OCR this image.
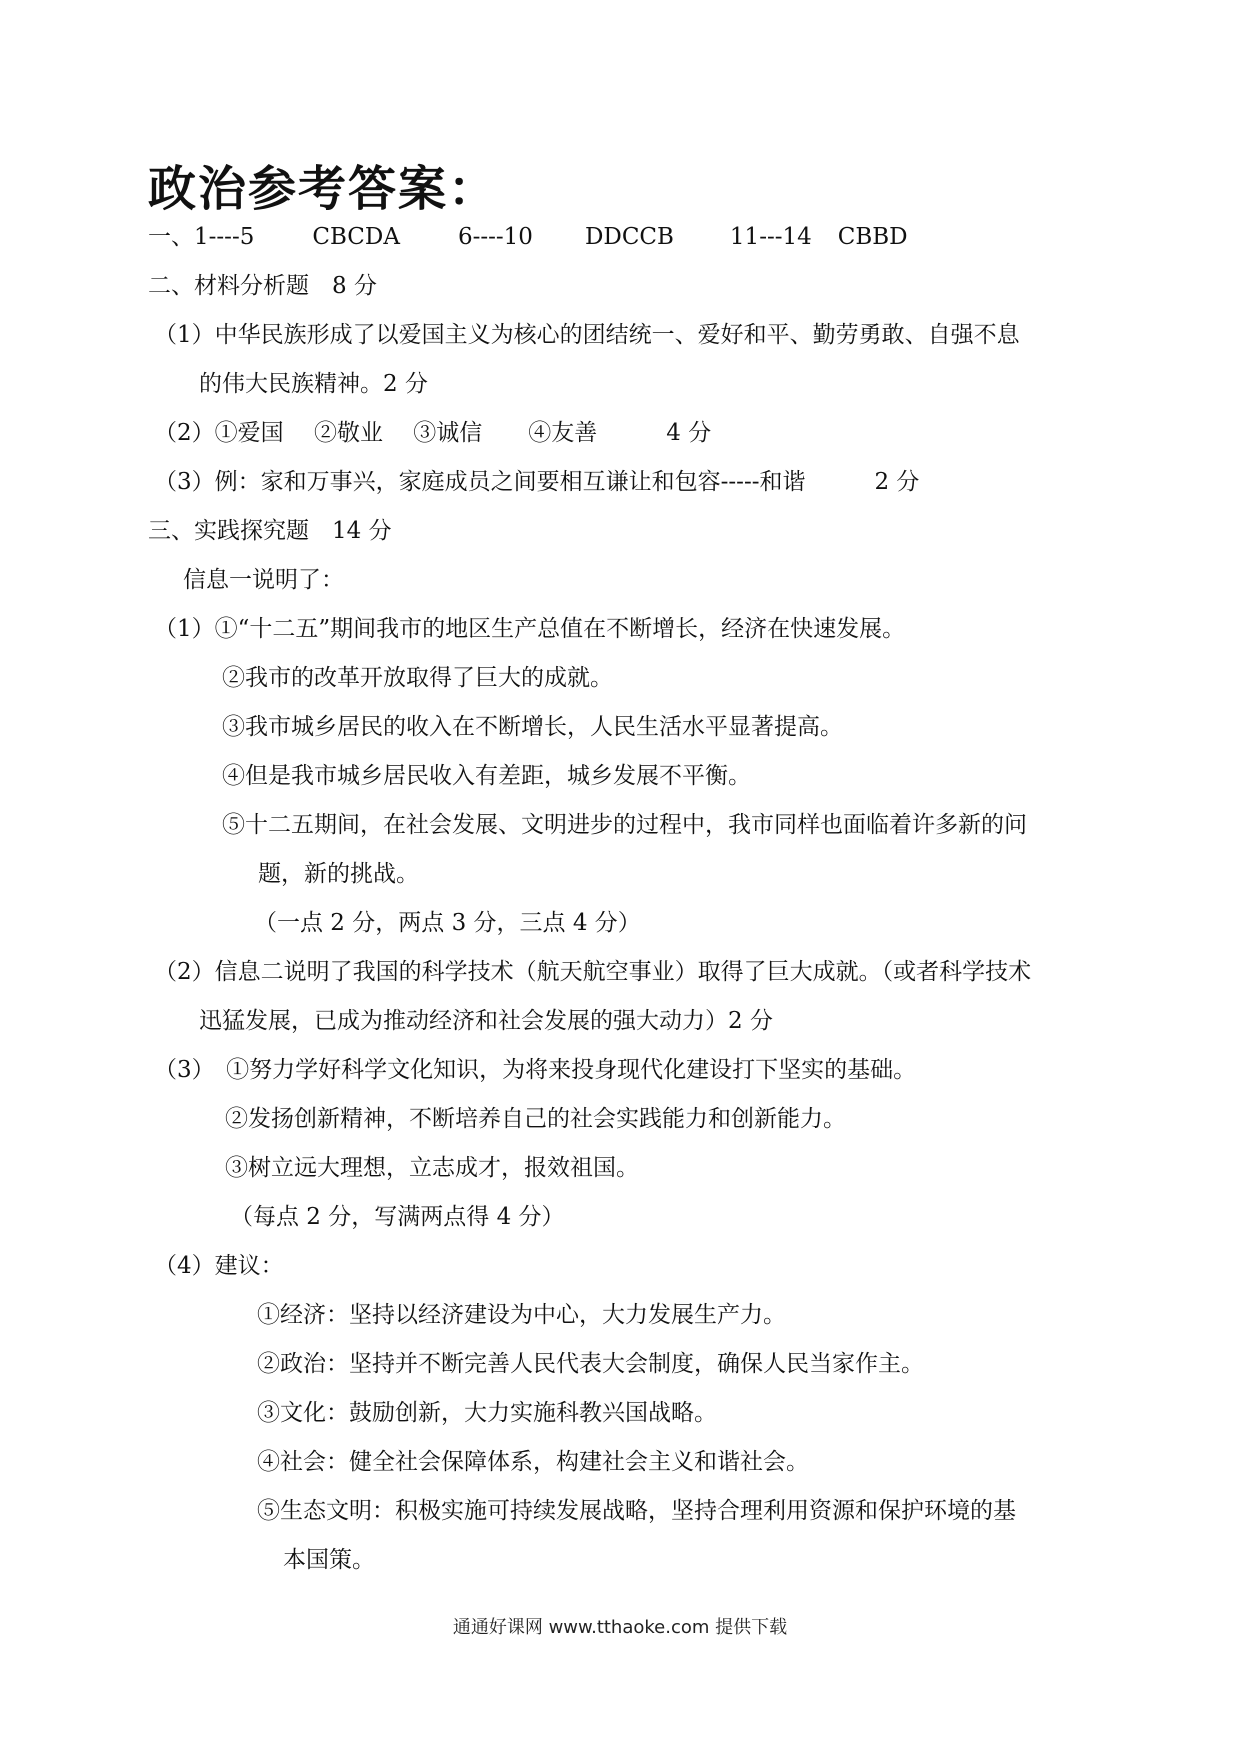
政治参考答案：
一、1----5	CBCDA	6----10 DDCCB 11---14 CBBD
二、材料分析题　8 分
（1）中华民族形成了以爱国主义为核心的团结统一、爱好和平、勤劳勇敢、自强不息
的伟大民族精神。2 分
（2）①爱国　 ②敬业　 ③诚信　　④友善　　　4 分
（3）例：家和万事兴，家庭成员之间要相互谦让和包容-----和谐　　　2 分
三、实践探究题　14 分
信息一说明了：
（1）①“十二五”期间我市的地区生产总值在不断增长，经济在快速发展。
②我市的改革开放取得了巨大的成就。
③我市城乡居民的收入在不断增长，人民生活水平显著提高。
④但是我市城乡居民收入有差距，城乡发展不平衡。
⑤十二五期间，在社会发展、文明进步的过程中，我市同样也面临着许多新的问
题，新的挑战。
（一点 2 分，两点 3 分，三点 4 分）
（2）信息二说明了我国的科学技术（航天航空事业）取得了巨大成就。（或者科学技术
迅猛发展，已成为推动经济和社会发展的强大动力）2 分
（3）　①努力学好科学文化知识，为将来投身现代化建设打下坚实的基础。
②发扬创新精神，不断培养自己的社会实践能力和创新能力。
③树立远大理想，立志成才，报效祖国。
（每点 2 分，写满两点得 4 分）
（4）建议：
①经济：坚持以经济建设为中心，大力发展生产力。
②政治：坚持并不断完善人民代表大会制度，确保人民当家作主。
③文化：鼓励创新，大力实施科教兴国战略。
④社会：健全社会保障体系，构建社会主义和谐社会。
⑤生态文明：积极实施可持续发展战略，坚持合理利用资源和保护环境的基
本国策。
通通好课网 www.tthaoke.com 提供下载
